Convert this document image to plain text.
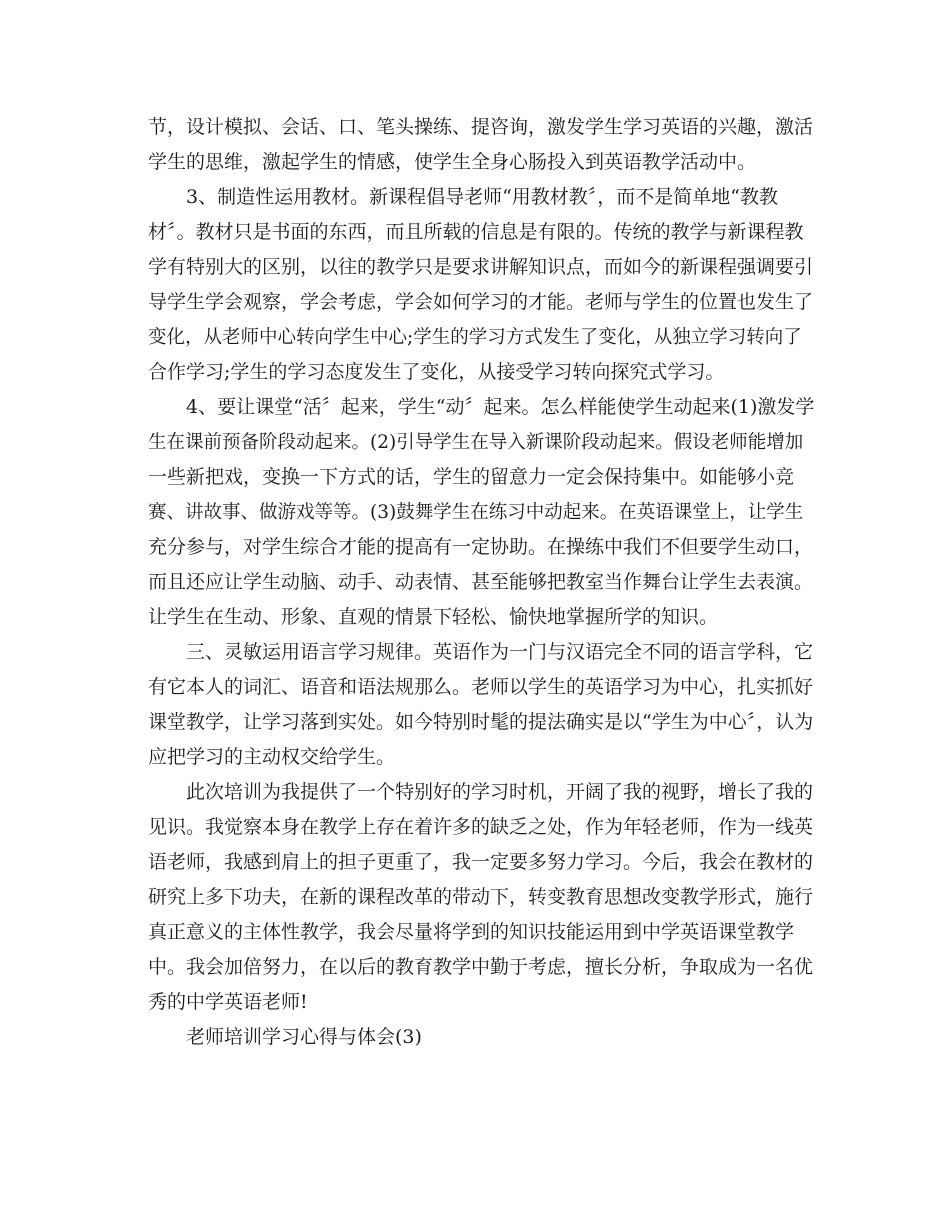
节，设计模拟、会话、口、笔头操练、提咨询，激发学生学习英语的兴趣，激活
学生的思维，激起学生的情感，使学生全身心肠投入到英语教学活动中。
3、制造性运用教材。新课程倡导老师“用教材教〞，而不是简单地“教教
材〞。教材只是书面的东西，而且所载的信息是有限的。传统的教学与新课程教
学有特别大的区别，以往的教学只是要求讲解知识点，而如今的新课程强调要引
导学生学会观察，学会考虑，学会如何学习的才能。老师与学生的位置也发生了
变化，从老师中心转向学生中心;学生的学习方式发生了变化，从独立学习转向了
合作学习;学生的学习态度发生了变化，从接受学习转向探究式学习。
4、要让课堂“活〞起来，学生“动〞起来。怎么样能使学生动起来(1)激发学
生在课前预备阶段动起来。(2)引导学生在导入新课阶段动起来。假设老师能增加
一些新把戏，变换一下方式的话，学生的留意力一定会保持集中。如能够小竞
赛、讲故事、做游戏等等。(3)鼓舞学生在练习中动起来。在英语课堂上，让学生
充分参与，对学生综合才能的提高有一定协助。在操练中我们不但要学生动口，
而且还应让学生动脑、动手、动表情、甚至能够把教室当作舞台让学生去表演。
让学生在生动、形象、直观的情景下轻松、愉快地掌握所学的知识。
三、灵敏运用语言学习规律。英语作为一门与汉语完全不同的语言学科，它
有它本人的词汇、语音和语法规那么。老师以学生的英语学习为中心，扎实抓好
课堂教学，让学习落到实处。如今特别时髦的提法确实是以“学生为中心〞，认为
应把学习的主动权交给学生。
此次培训为我提供了一个特别好的学习时机，开阔了我的视野，增长了我的
见识。我觉察本身在教学上存在着许多的缺乏之处，作为年轻老师，作为一线英
语老师，我感到肩上的担子更重了，我一定要多努力学习。今后，我会在教材的
研究上多下功夫，在新的课程改革的带动下，转变教育思想改变教学形式，施行
真正意义的主体性教学，我会尽量将学到的知识技能运用到中学英语课堂教学
中。我会加倍努力，在以后的教育教学中勤于考虑，擅长分析，争取成为一名优
秀的中学英语老师!
老师培训学习心得与体会(3)
